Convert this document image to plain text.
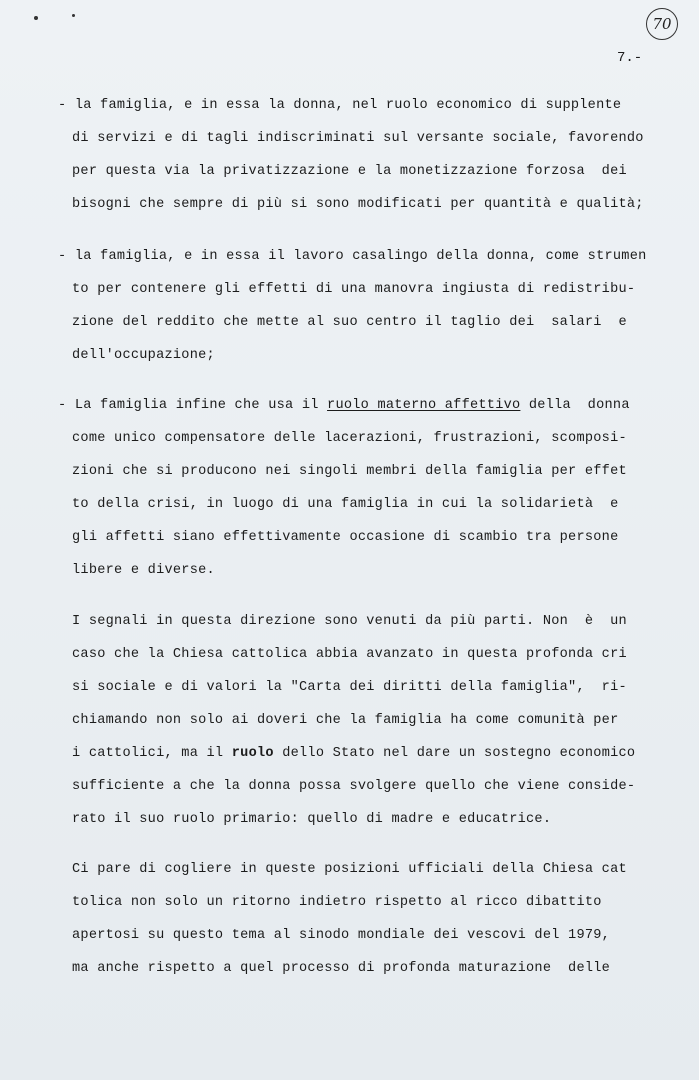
70
7.-
- la famiglia, e in essa la donna, nel ruolo economico di supplente
di servizi e di tagli indiscriminati sul versante sociale, favorendo
per questa via la privatizzazione e la monetizzazione forzosa  dei
bisogni che sempre di più si sono modificati per quantità e qualità;
- la famiglia, e in essa il lavoro casalingo della donna, come strumen
to per contenere gli effetti di una manovra ingiusta di redistribu-
zione del reddito che mette al suo centro il taglio dei  salari  e
dell'occupazione;
- La famiglia infine che usa il ruolo materno affettivo della  donna
come unico compensatore delle lacerazioni, frustrazioni, scomposi-
zioni che si producono nei singoli membri della famiglia per effet
to della crisi, in luogo di una famiglia in cui la solidarietà  e
gli affetti siano effettivamente occasione di scambio tra persone
libere e diverse.
I segnali in questa direzione sono venuti da più parti. Non  è  un
caso che la Chiesa cattolica abbia avanzato in questa profonda cri
si sociale e di valori la "Carta dei diritti della famiglia",  ri-
chiamando non solo ai doveri che la famiglia ha come comunità per
i cattolici, ma il ruolo dello Stato nel dare un sostegno economico
sufficiente a che la donna possa svolgere quello che viene conside-
rato il suo ruolo primario: quello di madre e educatrice.
Ci pare di cogliere in queste posizioni ufficiali della Chiesa cat
tolica non solo un ritorno indietro rispetto al ricco dibattito
apertosi su questo tema al sinodo mondiale dei vescovi del 1979,
ma anche rispetto a quel processo di profonda maturazione  delle
